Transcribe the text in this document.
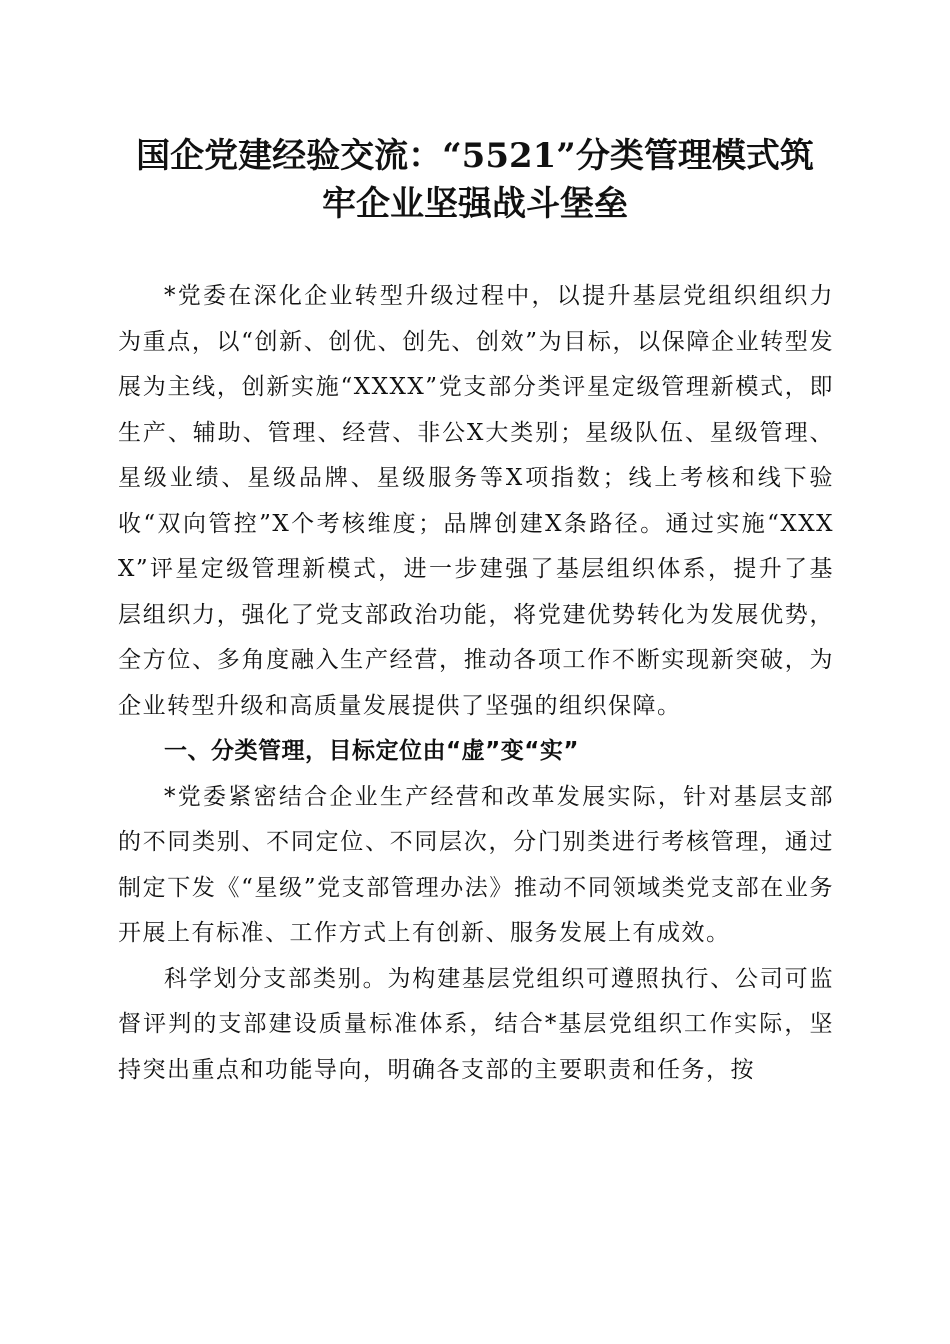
国企党建经验交流：“5521”分类管理模式筑
牢企业坚强战斗堡垒

*党委在深化企业转型升级过程中，以提升基层党组织组织力为重点，以“创新、创优、创先、创效”为目标，以保障企业转型发展为主线，创新实施“XXXX”党支部分类评星定级管理新模式，即生产、辅助、管理、经营、非公X大类别；星级队伍、星级管理、星级业绩、星级品牌、星级服务等X项指数；线上考核和线下验收“双向管控”X个考核维度；品牌创建X条路径。通过实施“XXXX”评星定级管理新模式，进一步建强了基层组织体系，提升了基层组织力，强化了党支部政治功能，将党建优势转化为发展优势，全方位、多角度融入生产经营，推动各项工作不断实现新突破，为企业转型升级和高质量发展提供了坚强的组织保障。

一、分类管理，目标定位由“虚”变“实”

*党委紧密结合企业生产经营和改革发展实际，针对基层支部的不同类别、不同定位、不同层次，分门别类进行考核管理，通过制定下发《“星级”党支部管理办法》推动不同领域类党支部在业务开展上有标准、工作方式上有创新、服务发展上有成效。

科学划分支部类别。为构建基层党组织可遵照执行、公司可监督评判的支部建设质量标准体系，结合*基层党组织工作实际，坚持突出重点和功能导向，明确各支部的主要职责和任务，按
